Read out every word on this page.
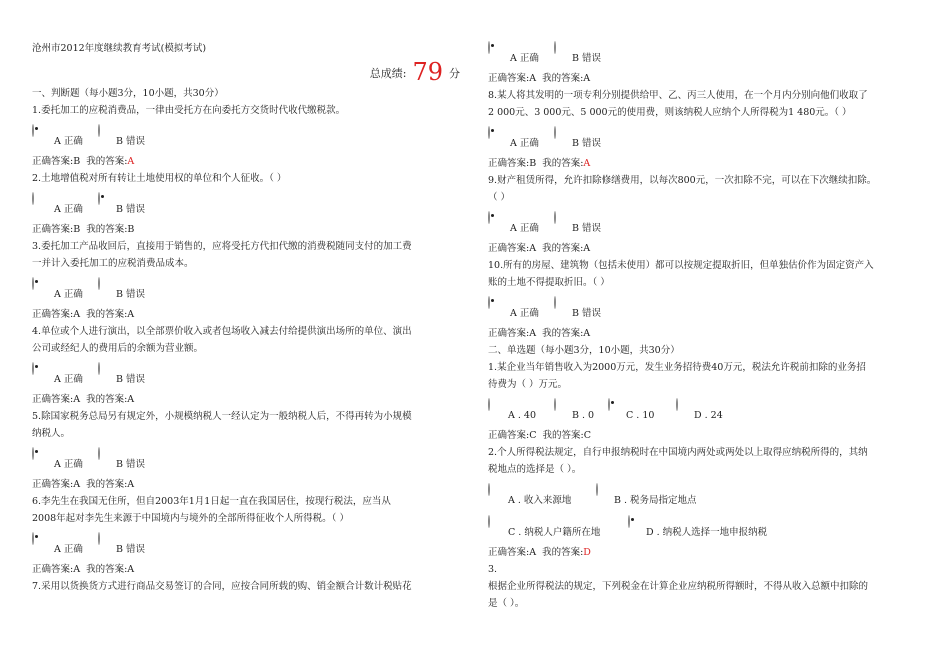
沧州市2012年度继续教育考试(模拟考试)
总成绩: 79 分
一、判断题（每小题3分，10小题，共30分）
1.委托加工的应税消费品，一律由受托方在向委托方交货时代收代缴税款。
A 正确	B 错误
正确答案:B 我的答案:A
2.土地增值税对所有转让土地使用权的单位和个人征收。（ ）
A 正确	B 错误
正确答案:B 我的答案:B
3.委托加工产品收回后，直接用于销售的，应将受托方代扣代缴的消费税随同支付的加工费
一并计入委托加工的应税消费品成本。
A 正确	B 错误
正确答案:A 我的答案:A
4.单位或个人进行演出，以全部票价收入或者包场收入减去付给提供演出场所的单位、演出
公司或经纪人的费用后的余额为营业额。
A 正确	B 错误
正确答案:A 我的答案:A
5.除国家税务总局另有规定外，小规模纳税人一经认定为一般纳税人后，不得再转为小规模
纳税人。
A 正确	B 错误
正确答案:A 我的答案:A
6.李先生在我国无住所，但自2003年1月1日起一直在我国居住，按现行税法，应当从
2008年起对李先生来源于中国境内与境外的全部所得征收个人所得税。（ ）
A 正确	B 错误
正确答案:A 我的答案:A
7.采用以货换货方式进行商品交易签订的合同，应按合同所载的购、销金额合计数计税贴花
A 正确	B 错误
正确答案:A 我的答案:A
8.某人将其发明的一项专利分别提供给甲、乙、丙三人使用，在一个月内分别向他们收取了
2 000元、3 000元、5 000元的使用费，则该纳税人应纳个人所得税为1 480元。（ ）
A 正确	B 错误
正确答案:B 我的答案:A
9.财产租赁所得，允许扣除修缮费用，以每次800元，一次扣除不完，可以在下次继续扣除。
（ ）
A 正确	B 错误
正确答案:A 我的答案:A
10.所有的房屋、建筑物（包括未使用）都可以按规定提取折旧，但单独估价作为固定资产入
账的土地不得提取折旧。（ ）
A 正确	B 错误
正确答案:A 我的答案:A
二、单选题（每小题3分，10小题，共30分）
1.某企业当年销售收入为2000万元，发生业务招待费40万元，税法允许税前扣除的业务招
待费为（ ）万元。
A . 40	B . 0	C . 10	D . 24
正确答案:C 我的答案:C
2.个人所得税法规定，自行申报纳税时在中国境内两处或两处以上取得应纳税所得的，其纳
税地点的选择是（ ）。
A . 收入来源地	B . 税务局指定地点
C . 纳税人户籍所在地	D . 纳税人选择一地申报纳税
正确答案:A 我的答案:D
3.
根据企业所得税法的规定，下列税金在计算企业应纳税所得额时，不得从收入总额中扣除的
是（ ）。
